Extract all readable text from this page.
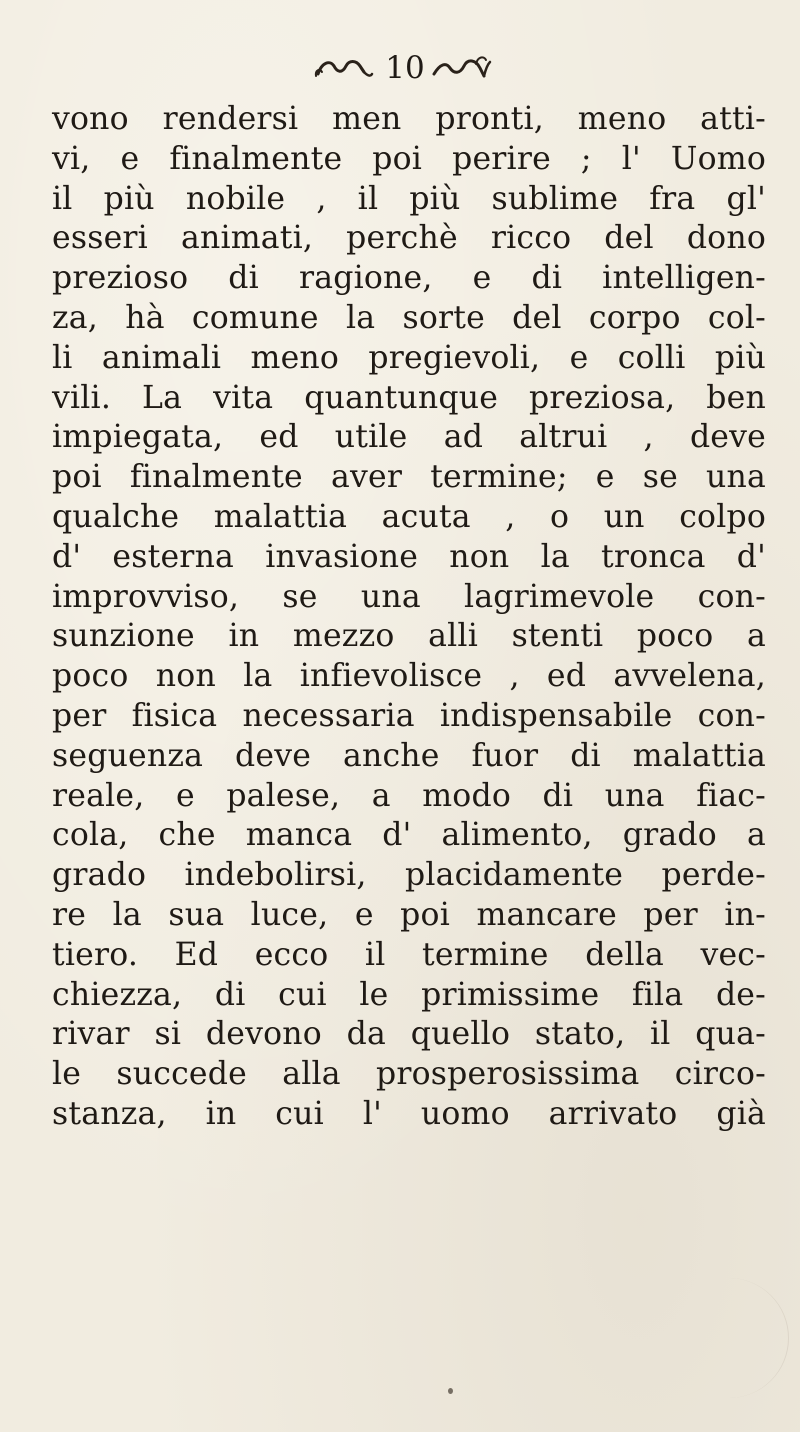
10
vono rendersi men pronti, meno atti-
vi, e finalmente poi perire ; l' Uomo
il più nobile , il più sublime fra gl'
esseri animati, perchè ricco del dono
prezioso di ragione, e di intelligen-
za, hà comune la sorte del corpo col-
li animali meno pregievoli, e colli più
vili. La vita quantunque preziosa, ben
impiegata, ed utile ad altrui , deve
poi finalmente aver termine; e se una
qualche malattia acuta , o un colpo
d' esterna invasione non la tronca d'
improvviso, se una lagrimevole con-
sunzione in mezzo alli stenti poco a
poco non la infievolisce , ed avvelena,
per fisica necessaria indispensabile con-
seguenza deve anche fuor di malattia
reale, e palese, a modo di una fiac-
cola, che manca d' alimento, grado a
grado indebolirsi, placidamente perde-
re la sua luce, e poi mancare per in-
tiero. Ed ecco il termine della vec-
chiezza, di cui le primissime fila de-
rivar si devono da quello stato, il qua-
le succede alla prosperosissima circo-
stanza, in cui l' uomo arrivato già
